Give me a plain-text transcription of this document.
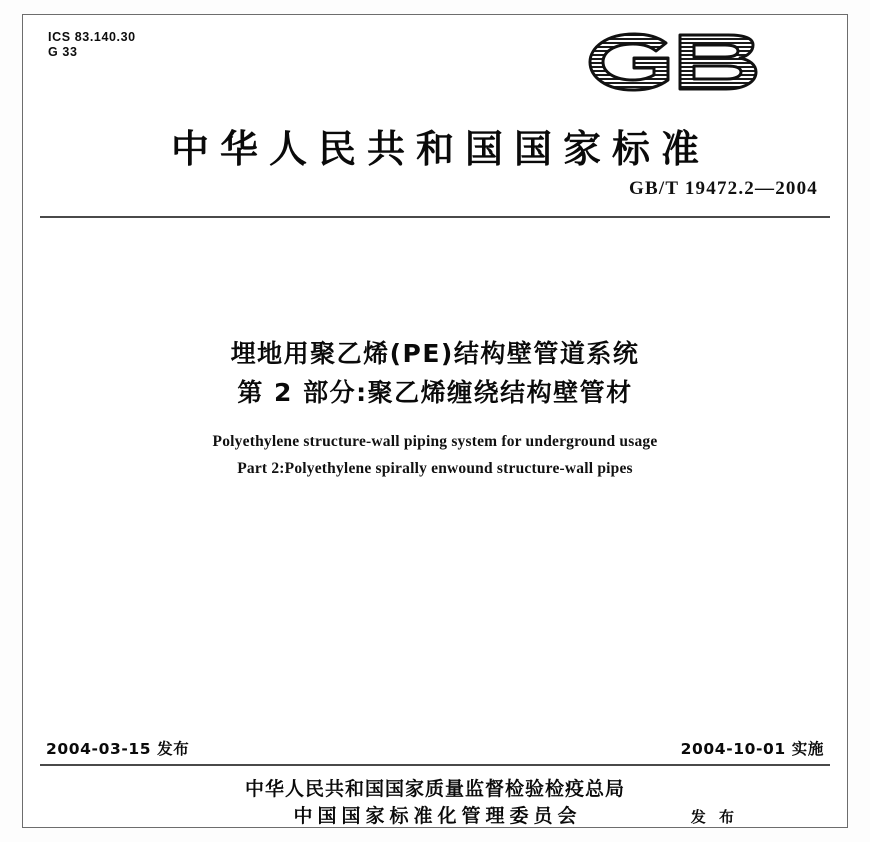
ICS 83.140.30
G 33
中华人民共和国国家标准
GB/T 19472.2—2004
埋地用聚乙烯(PE)结构壁管道系统
第 2 部分:聚乙烯缠绕结构壁管材
Polyethylene structure-wall piping system for underground usage
Part 2:Polyethylene spirally enwound structure-wall pipes
2004-03-15 发布	2004-10-01 实施
中华人民共和国国家质量监督检验检疫总局
中国国家标准化管理委员会	发 布
